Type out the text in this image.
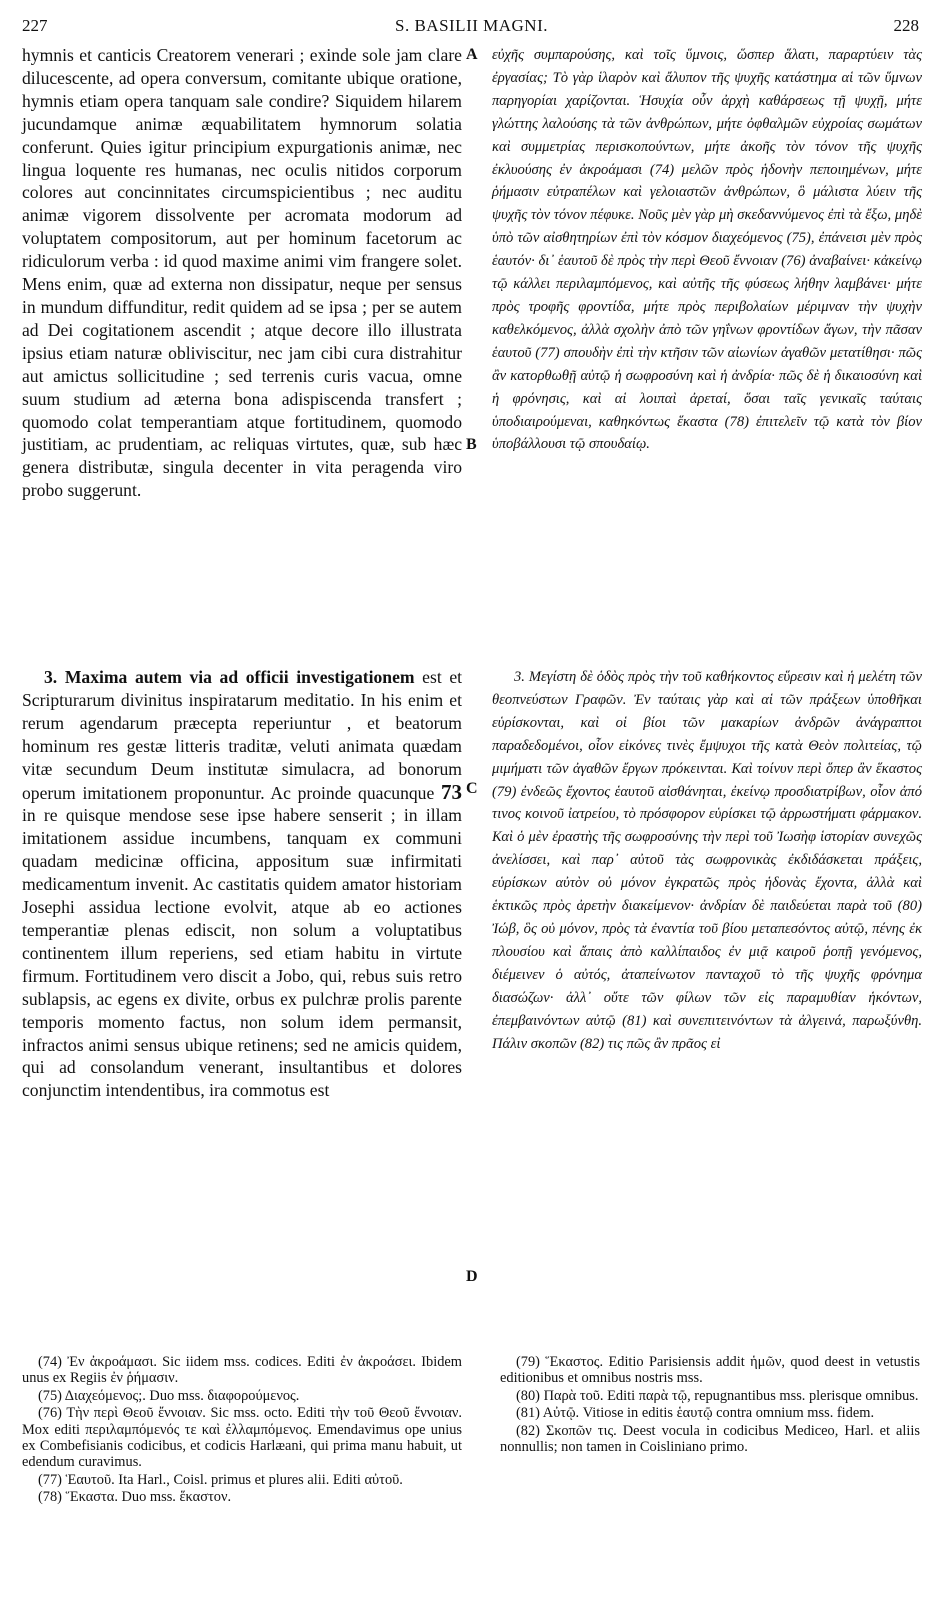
227	S. BASILII MAGNI.	228

hymnis et canticis Creatorem venerari ; exinde sole jam clare dilucescente, ad opera conversum, comitante ubique oratione, hymnis etiam opera tanquam sale condire? Siquidem hilarem jucundamque animæ æquabilitatem hymnorum solatia conferunt. Quies igitur principium expurgationis animæ, nec lingua loquente res humanas, nec oculis nitidos corporum colores aut concinnitates circumspicientibus ; nec auditu animæ vigorem dissolvente per acromata modorum ad voluptatem compositorum, aut per hominum facetorum ac ridiculorum verba : id quod maxime animi vim frangere solet. Mens enim, quæ ad externa non dissipatur, neque per sensus in mundum diffunditur, redit quidem ad se ipsa ; per se autem ad Dei cogitationem ascendit ; atque decore illo illustrata ipsius etiam naturæ obliviscitur, nec jam cibi cura distrahitur aut amictus sollicitudine ; sed terrenis curis vacua, omne suum studium ad æterna bona adispiscenda transfert ; quomodo colat temperantiam atque fortitudinem, quomodo justitiam, ac prudentiam, ac reliquas virtutes, quæ, sub hæc genera distributæ, singula decenter in vita peragenda viro probo suggerunt.

εὐχῆς συμπαρούσης, καὶ τοῖς ὕμνοις, ὥσπερ ἅλατι, παραρτύειν τὰς ἐργασίας; Τὸ γὰρ ἱλαρὸν καὶ ἄλυπον τῆς ψυχῆς κατάστημα αἱ τῶν ὕμνων παρηγορίαι χαρίζονται. Ἡσυχία οὖν ἀρχὴ καθάρσεως τῇ ψυχῇ, μήτε γλώττης λαλούσης τὰ τῶν ἀνθρώπων, μήτε ὀφθαλμῶν εὐχροίας σωμάτων καὶ συμμετρίας περισκοπούντων, μήτε ἀκοῆς τὸν τόνον τῆς ψυχῆς ἐκλυούσης ἐν ἀκροάμασι (74) μελῶν πρὸς ἡδονὴν πεποιημένων, μήτε ῥήμασιν εὐτραπέλων καὶ γελοιαστῶν ἀνθρώπων, ὃ μάλιστα λύειν τῆς ψυχῆς τὸν τόνον πέφυκε. Νοῦς μὲν γὰρ μὴ σκεδαννύμενος ἐπὶ τὰ ἔξω, μηδὲ ὑπὸ τῶν αἰσθητηρίων ἐπὶ τὸν κόσμον διαχεόμενος (75), ἐπάνεισι μὲν πρὸς ἑαυτόν· δι᾽ ἑαυτοῦ δὲ πρὸς τὴν περὶ Θεοῦ ἔννοιαν (76) ἀναβαίνει· κἀκείνῳ τῷ κάλλει περιλαμπόμενος, καὶ αὐτῆς τῆς φύσεως λήθην λαμβάνει· μήτε πρὸς τροφῆς φροντίδα, μήτε πρὸς περιβολαίων μέριμναν τὴν ψυχὴν καθελκόμενος, ἀλλὰ σχολὴν ἀπὸ τῶν γηΐνων φροντίδων ἄγων, τὴν πᾶσαν ἑαυτοῦ (77) σπουδὴν ἐπὶ τὴν κτῆσιν τῶν αἰωνίων ἀγαθῶν μετατίθησι· πῶς ἂν κατορθωθῇ αὐτῷ ἡ σωφροσύνη καὶ ἡ ἀνδρία· πῶς δὲ ἡ δικαιοσύνη καὶ ἡ φρόνησις, καὶ αἱ λοιπαὶ ἀρεταί, ὅσαι ταῖς γενικαῖς ταύταις ὑποδιαιρούμεναι, καθηκόντως ἕκαστα (78) ἐπιτελεῖν τῷ κατὰ τὸν βίον ὑποβάλλουσι τῷ σπουδαίῳ.

A
B
C
D

3. Maxima autem via ad officii investigationem est et Scripturarum divinitus inspiratarum meditatio. In his enim et rerum agendarum præcepta reperiuntur , et beatorum hominum res gestæ litteris traditæ, veluti animata quædam vitæ secundum Deum institutæ simulacra, ad bonorum operum imitationem proponuntur. Ac proinde quacunque 73 in re quisque mendose sese ipse habere senserit ; in illam imitationem assidue incumbens, tanquam ex communi quadam medicinæ officina, appositum suæ infirmitati medicamentum invenit. Ac castitatis quidem amator historiam Josephi assidua lectione evolvit, atque ab eo actiones temperantiæ plenas ediscit, non solum a voluptatibus continentem illum reperiens, sed etiam habitu in virtute firmum. Fortitudinem vero discit a Jobo, qui, rebus suis retro sublapsis, ac egens ex divite, orbus ex pulchræ prolis parente temporis momento factus, non solum idem permansit, infractos animi sensus ubique retinens; sed ne amicis quidem, qui ad consolandum venerant, insultantibus et dolores conjunctim intendentibus, ira commotus est

3. Μεγίστη δὲ ὁδὸς πρὸς τὴν τοῦ καθήκοντος εὕρεσιν καὶ ἡ μελέτη τῶν θεοπνεύστων Γραφῶν. Ἐν ταύταις γὰρ καὶ αἱ τῶν πράξεων ὑποθῆκαι εὑρίσκονται, καὶ οἱ βίοι τῶν μακαρίων ἀνδρῶν ἀνάγραπτοι παραδεδομένοι, οἷον εἰκόνες τινὲς ἔμψυχοι τῆς κατὰ Θεὸν πολιτείας, τῷ μιμήματι τῶν ἀγαθῶν ἔργων πρόκεινται. Καὶ τοίνυν περὶ ὅπερ ἂν ἕκαστος (79) ἐνδεῶς ἔχοντος ἑαυτοῦ αἰσθάνηται, ἐκείνῳ προσδιατρίβων, οἷον ἀπό τινος κοινοῦ ἰατρείου, τὸ πρόσφορον εὑρίσκει τῷ ἀρρωστήματι φάρμακον. Καὶ ὁ μὲν ἐραστὴς τῆς σωφροσύνης τὴν περὶ τοῦ Ἰωσὴφ ἱστορίαν συνεχῶς ἀνελίσσει, καὶ παρ᾽ αὐτοῦ τὰς σωφρονικὰς ἐκδιδάσκεται πράξεις, εὑρίσκων αὐτὸν οὐ μόνον ἐγκρατῶς πρὸς ἡδονὰς ἔχοντα, ἀλλὰ καὶ ἑκτικῶς πρὸς ἀρετὴν διακείμενον· ἀνδρίαν δὲ παιδεύεται παρὰ τοῦ (80) Ἰώβ, ὃς οὐ μόνον, πρὸς τὰ ἐναντία τοῦ βίου μεταπεσόντος αὐτῷ, πένης ἐκ πλουσίου καὶ ἄπαις ἀπὸ καλλίπαιδος ἐν μιᾷ καιροῦ ῥοπῇ γενόμενος, διέμεινεν ὁ αὐτός, ἀταπείνωτον πανταχοῦ τὸ τῆς ψυχῆς φρόνημα διασώζων· ἀλλ᾽ οὔτε τῶν φίλων τῶν εἰς παραμυθίαν ἡκόντων, ἐπεμβαινόντων αὐτῷ (81) καὶ συνεπιτεινόντων τὰ ἀλγεινά, παρωξύνθη. Πάλιν σκοπῶν (82) τις πῶς ἂν πρᾶος εἰ

(74) Ἐν ἀκροάμασι. Sic iidem mss. codices. Editi ἐν ἀκροάσει. Ibidem unus ex Regiis ἐν ῥήμασιν.

(75) Διαχεόμενος;. Duo mss. διαφορούμενος.

(76) Τὴν περὶ Θεοῦ ἔννοιαν. Sic mss. octo. Editi τὴν τοῦ Θεοῦ ἔννοιαν. Mox editi περιλαμπόμενός τε καὶ ἐλλαμπόμενος. Emendavimus ope unius ex Combefisianis codicibus, et codicis Harlæani, qui prima manu habuit, ut edendum curavimus.

(77) Ἑαυτοῦ. Ita Harl., Coisl. primus et plures alii. Editi αὐτοῦ.

(78) Ἕκαστα. Duo mss. ἕκαστον.

(79) Ἕκαστος. Editio Parisiensis addit ἡμῶν, quod deest in vetustis editionibus et omnibus nostris mss.

(80) Παρὰ τοῦ. Editi παρὰ τῷ, repugnantibus mss. plerisque omnibus.

(81) Αὐτῷ. Vitiose in editis ἑαυτῷ contra omnium mss. fidem.

(82) Σκοπῶν τις. Deest vocula in codicibus Mediceo, Harl. et aliis nonnullis; non tamen in Coisliniano primo.
